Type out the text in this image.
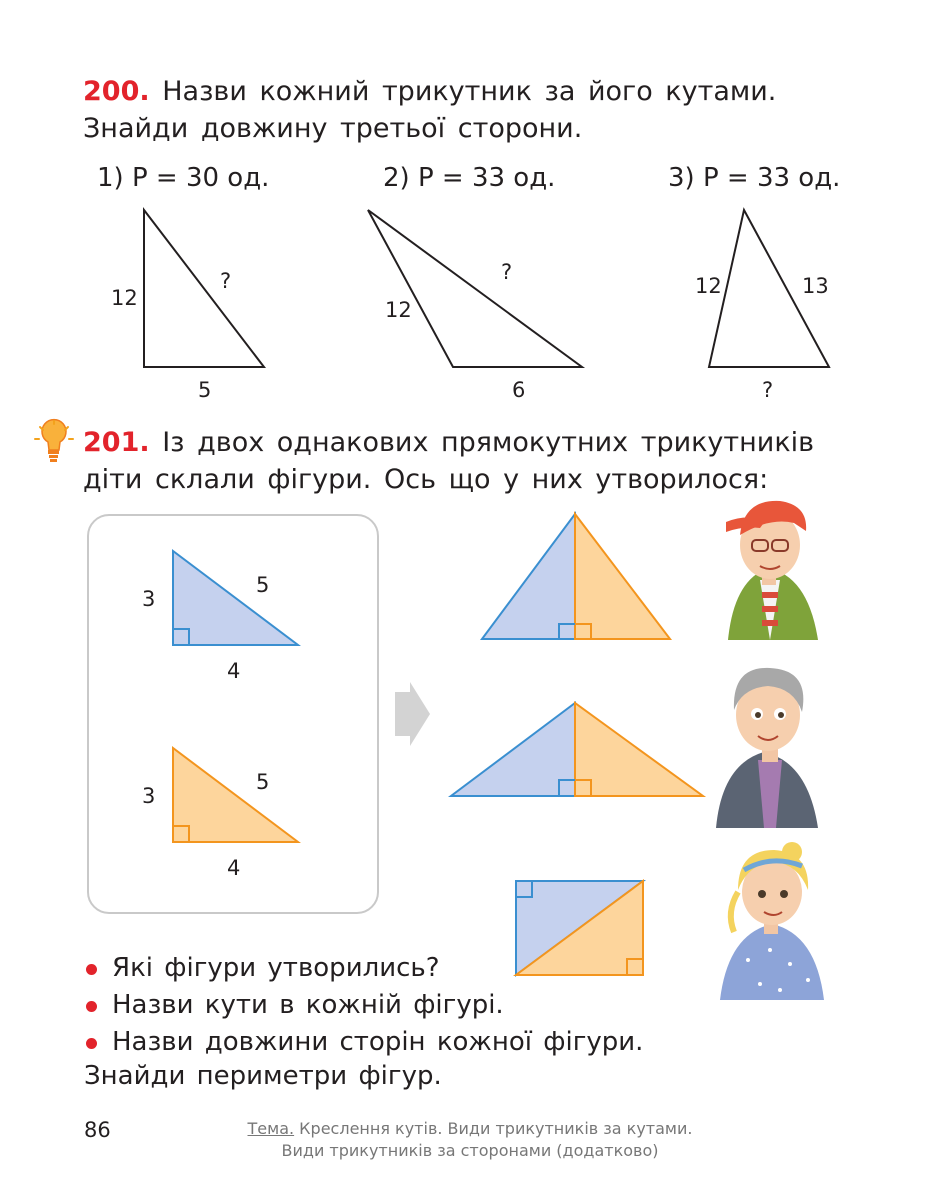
200. Назви кожний трикутник за його кутами. Знайди довжину третьої сторони.
1) P = 30 од.	2) P = 33 од.	3) P = 33 од.
12
?
5
12
?
6
12	13
?
201. Із двох однакових прямокутних трикутників діти склали фігури. Ось що у них утворилося:
3
5
4
3
5
4
Які фігури утворились?
Назви кути в кожній фігурі.
Назви довжини сторін кожної фігури.
Знайди периметри фігур.
86	Тема. Креслення кутів. Види трикутників за кутами.
Види трикутників за сторонами (додатково)
